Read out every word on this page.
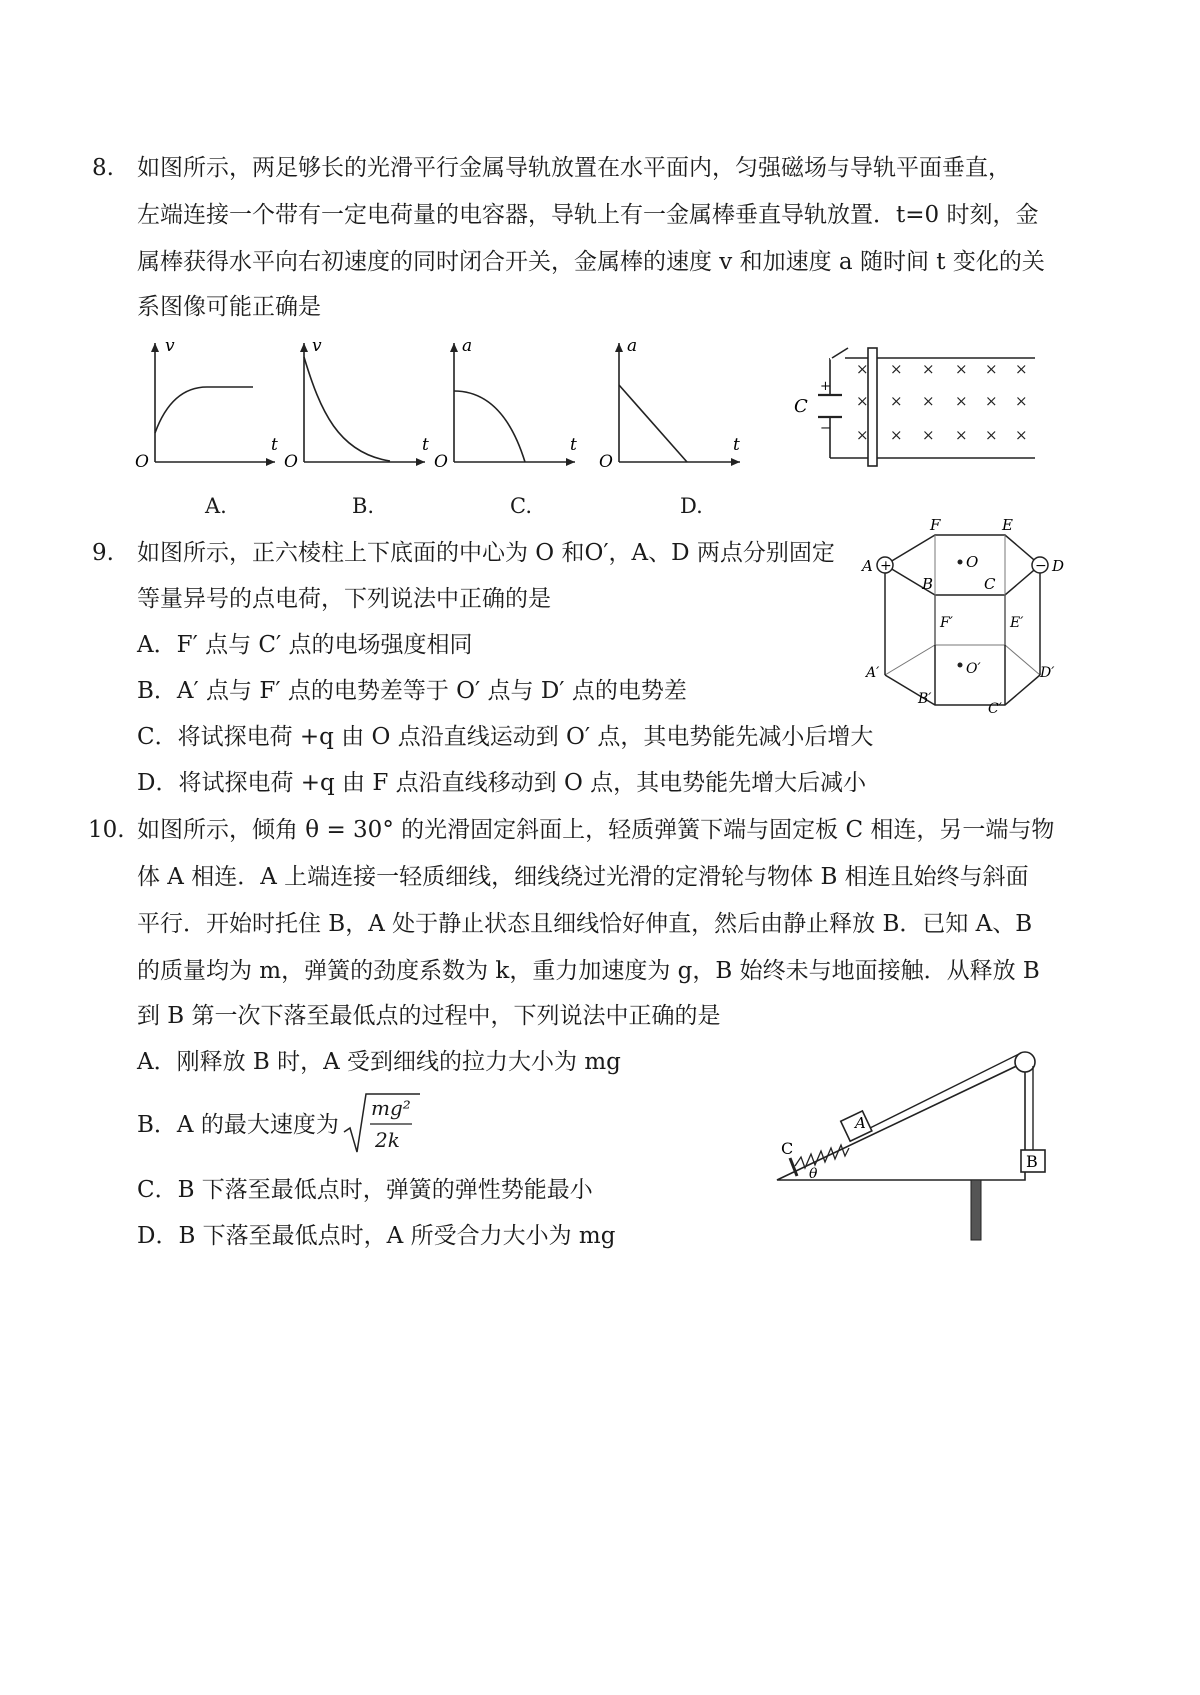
8. 如图所示，两足够长的光滑平行金属导轨放置在水平面内，匀强磁场与导轨平面垂直，
左端连接一个带有一定电荷量的电容器，导轨上有一金属棒垂直导轨放置．t=0 时刻，金
属棒获得水平向右初速度的同时闭合开关，金属棒的速度 v 和加速度 a 随时间 t 变化的关
系图像可能正确是
v
t
O
A.
v
t
O
B.
a
t
O
C.
a
t
O
D.
C
+
−
× × × × × ×
× × × × × ×
× × × × × ×
9. 如图所示，正六棱柱上下底面的中心为 O 和O′，A、D 两点分别固定
等量异号的点电荷，下列说法中正确的是
A．F′ 点与 C′ 点的电场强度相同
B．A′ 点与 F′ 点的电势差等于 O′ 点与 D′ 点的电势差
C．将试探电荷 +q 由 O 点沿直线运动到 O′ 点，其电势能先减小后增大
D．将试探电荷 +q 由 F 点沿直线移动到 O 点，其电势能先增大后减小
+	−
F	E
A	D
O
B	C
F′	E′
O′
A′	D′
B′
C′
10. 如图所示，倾角 θ = 30° 的光滑固定斜面上，轻质弹簧下端与固定板 C 相连，另一端与物
体 A 相连．A 上端连接一轻质细线，细线绕过光滑的定滑轮与物体 B 相连且始终与斜面
平行．开始时托住 B，A 处于静止状态且细线恰好伸直，然后由静止释放 B．已知 A、B
的质量均为 m，弹簧的劲度系数为 k，重力加速度为 g，B 始终未与地面接触．从释放 B
到 B 第一次下落至最低点的过程中，下列说法中正确的是
A．刚释放 B 时，A 受到细线的拉力大小为 mg
B．A 的最大速度为
mg²
2k
C．B 下落至最低点时，弹簧的弹性势能最小
D．B 下落至最低点时，A 所受合力大小为 mg
C
A
B
θ
